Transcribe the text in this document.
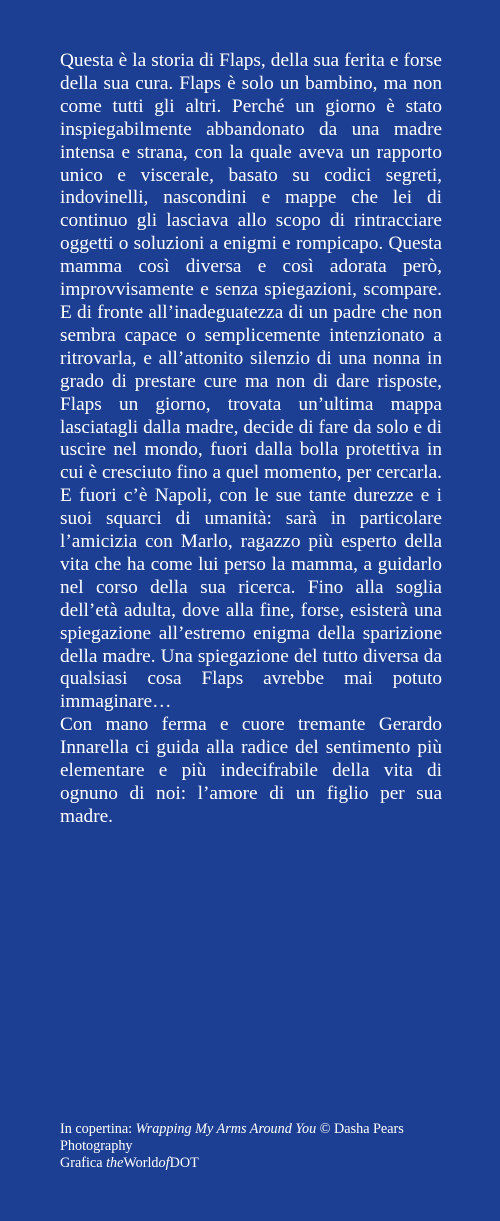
Questa è la storia di Flaps, della sua ferita e forse della sua cura. Flaps è solo un bambino, ma non come tutti gli altri. Perché un giorno è stato inspiegabilmente abbandonato da una madre intensa e strana, con la quale aveva un rapporto unico e viscerale, basato su codici segreti, indovinelli, nascondini e mappe che lei di continuo gli lasciava allo scopo di rintracciare oggetti o soluzioni a enigmi e rompicapo. Questa mamma così diversa e così adorata però, improvvisamente e senza spiegazioni, scompare. E di fronte all’inadeguatezza di un padre che non sembra capace o semplicemente intenzionato a ritrovarla, e all’attonito silenzio di una nonna in grado di prestare cure ma non di dare risposte, Flaps un giorno, trovata un’ultima mappa lasciatagli dalla madre, decide di fare da solo e di uscire nel mondo, fuori dalla bolla protettiva in cui è cresciuto fino a quel momento, per cercarla. E fuori c’è Napoli, con le sue tante durezze e i suoi squarci di umanità: sarà in particolare l’amicizia con Marlo, ragazzo più esperto della vita che ha come lui perso la mamma, a guidarlo nel corso della sua ricerca. Fino alla soglia dell’età adulta, dove alla fine, forse, esisterà una spiegazione all’estremo enigma della sparizione della madre. Una spiegazione del tutto diversa da qualsiasi cosa Flaps avrebbe mai potuto immaginare…

Con mano ferma e cuore tremante Gerardo Innarella ci guida alla radice del sentimento più elementare e più indecifrabile della vita di ognuno di noi: l’amore di un figlio per sua madre.

In copertina: Wrapping My Arms Around You © Dasha Pears Photography

Grafica theWorldofDOT
